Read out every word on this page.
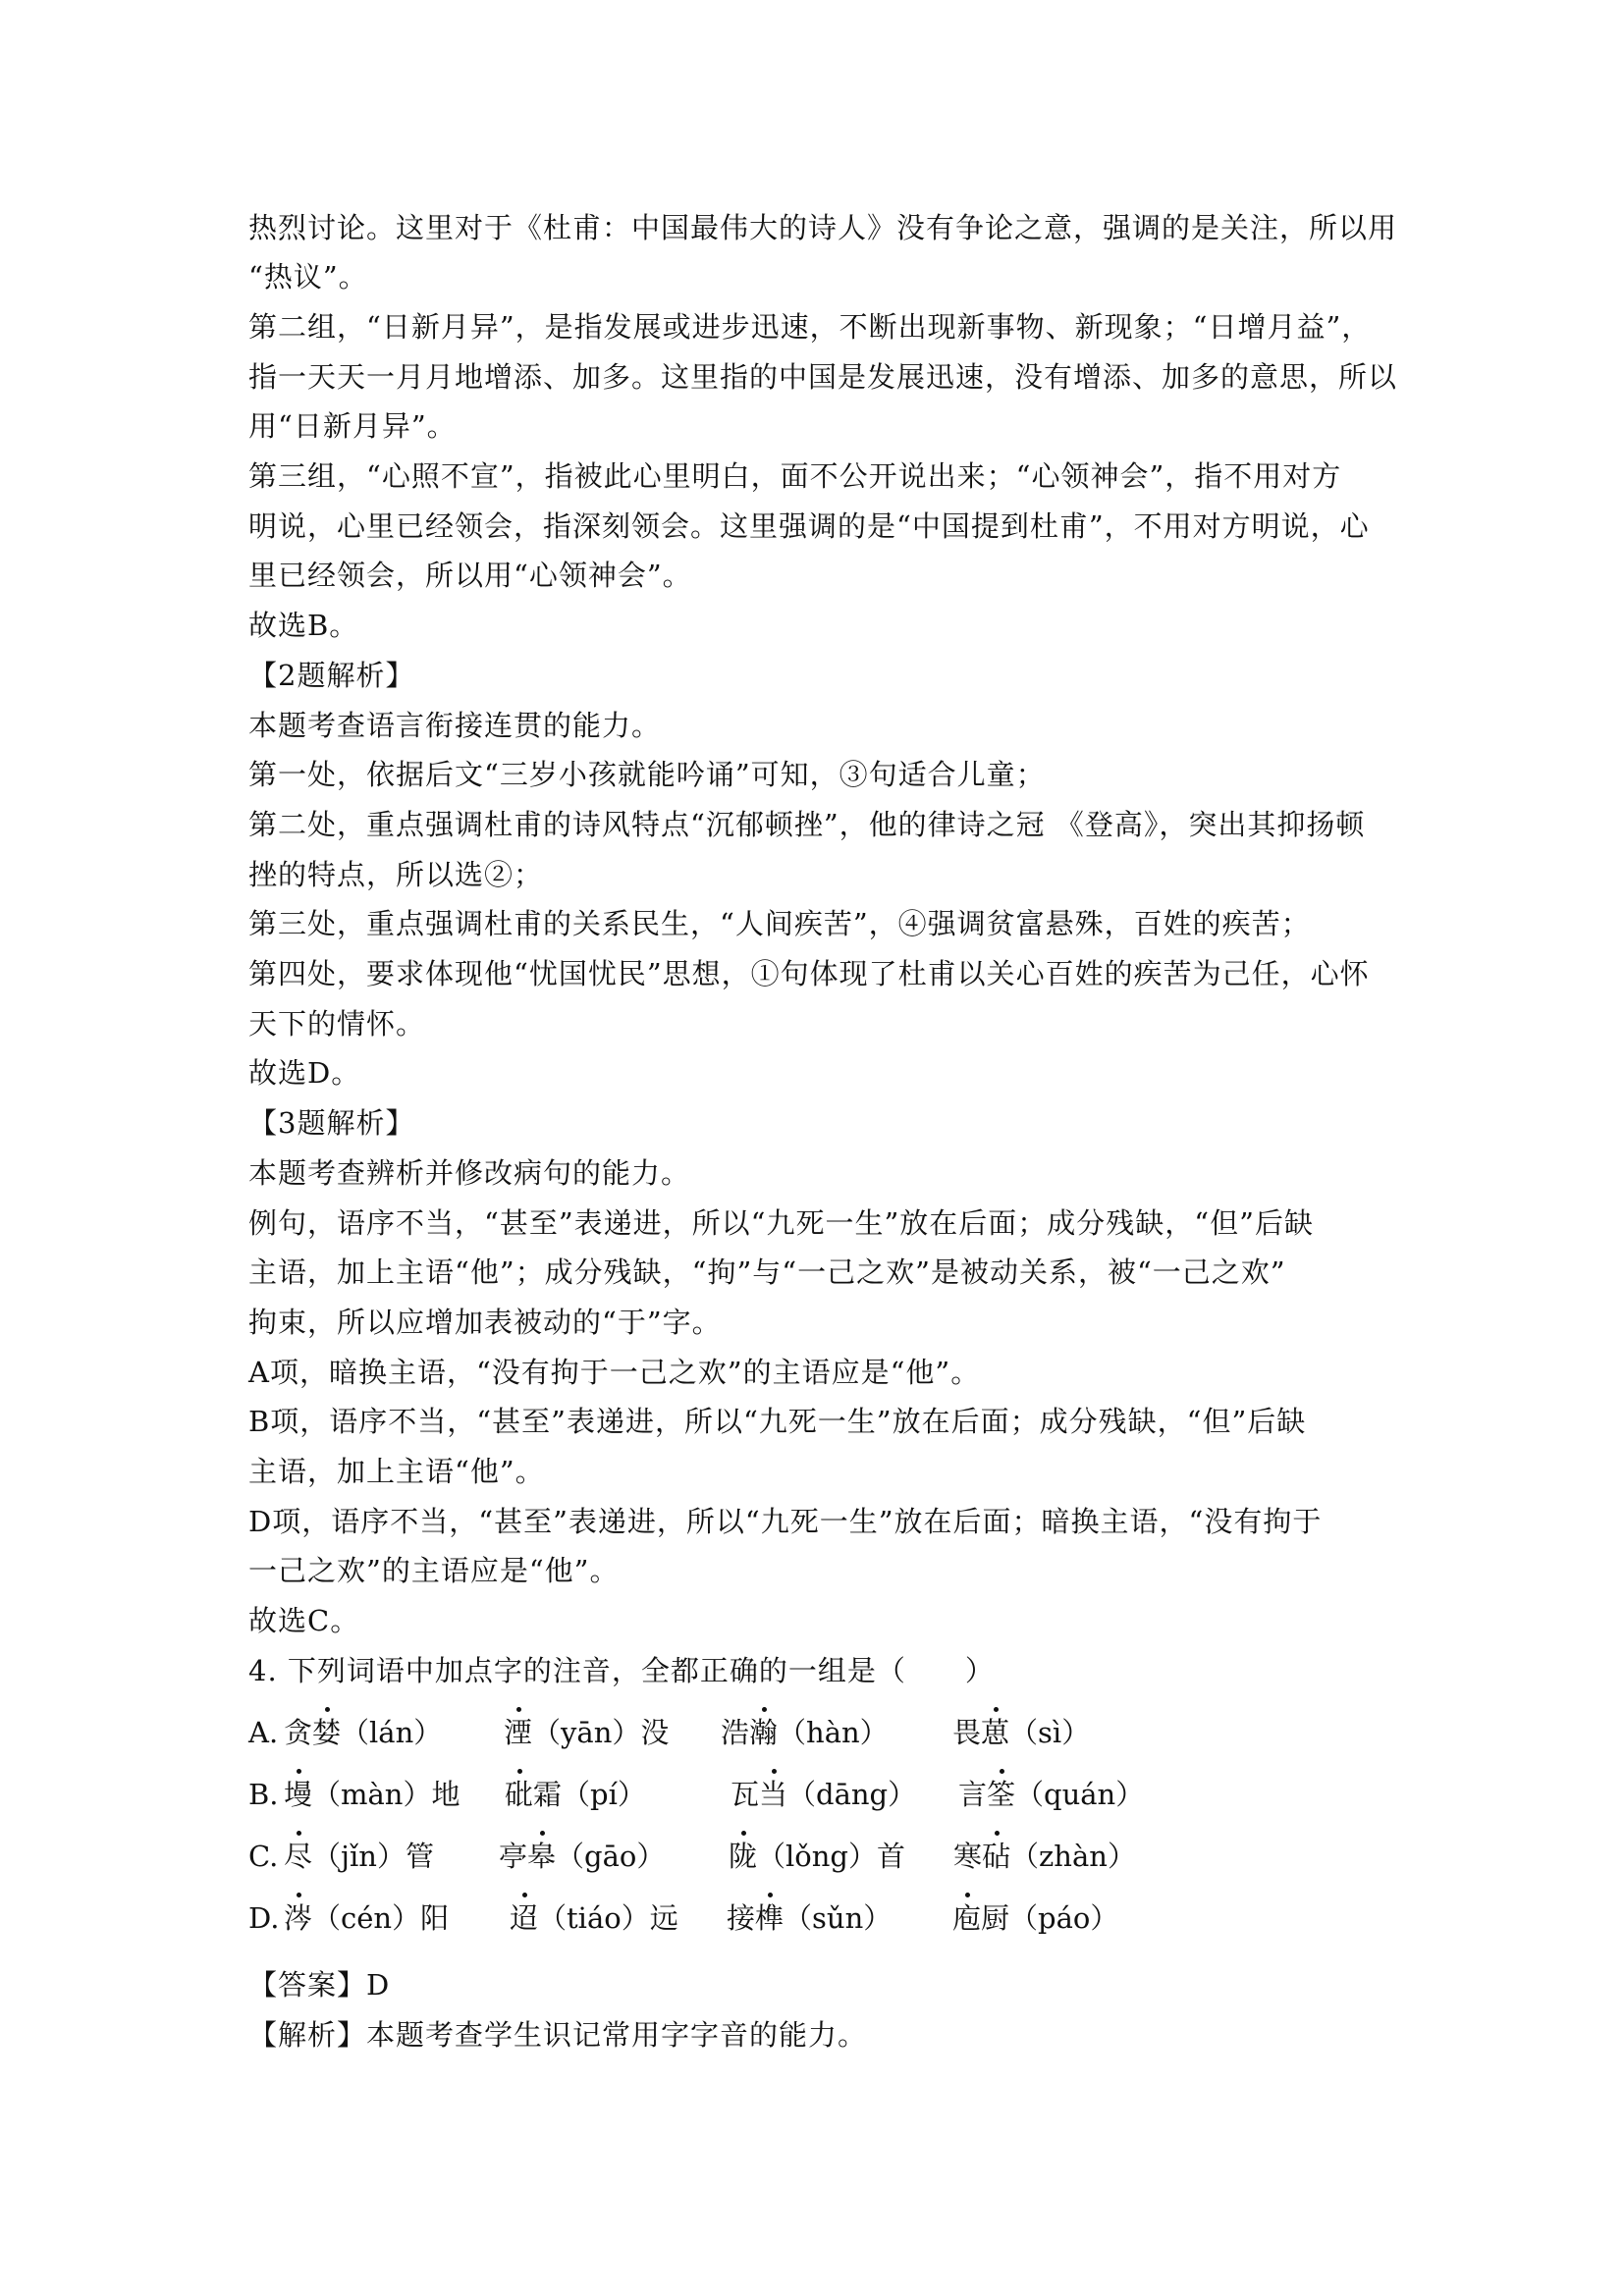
热烈讨论。这里对于《杜甫：中国最伟大的诗人》没有争论之意，强调的是关注，所以用
“热议”。
第二组，“日新月异”，是指发展或进步迅速，不断出现新事物、新现象；“日增月益”，
指一天天一月月地增添、加多。这里指的中国是发展迅速，没有增添、加多的意思，所以
用“日新月异”。
第三组，“心照不宣”，指被此心里明白，面不公开说出来；“心领神会”，指不用对方
明说，心里已经领会，指深刻领会。这里强调的是“中国提到杜甫”，不用对方明说，心
里已经领会，所以用“心领神会”。
故选B。
【2题解析】
本题考查语言衔接连贯的能力。
第一处，依据后文“三岁小孩就能吟诵”可知，③句适合儿童；
第二处，重点强调杜甫的诗风特点“沉郁顿挫”，他的律诗之冠 《登高》，突出其抑扬顿
挫的特点，所以选②；
第三处，重点强调杜甫的关系民生，“人间疾苦”，④强调贫富悬殊，百姓的疾苦；
第四处，要求体现他“忧国忧民”思想，①句体现了杜甫以关心百姓的疾苦为己任，心怀
天下的情怀。
故选D。
【3题解析】
本题考查辨析并修改病句的能力。
例句，语序不当，“甚至”表递进，所以“九死一生”放在后面；成分残缺，“但”后缺
主语，加上主语“他”；成分残缺，“拘”与“一己之欢”是被动关系，被“一己之欢”
拘束，所以应增加表被动的“于”字。
A项，暗换主语，“没有拘于一己之欢”的主语应是“他”。
B项，语序不当，“甚至”表递进，所以“九死一生”放在后面；成分残缺，“但”后缺
主语，加上主语“他”。
D项，语序不当，“甚至”表递进，所以“九死一生”放在后面；暗换主语，“没有拘于
一己之欢”的主语应是“他”。
故选C。
4. 下列词语中加点字的注音，全都正确的一组是（　　）
A. 贪婪（lán） 湮（yān）没 浩瀚（hàn） 畏葸（sì）
B. 墁（màn）地 砒霜（pí）	瓦当（dāng） 言筌（quán）
C. 尽（jǐn）管 亭皋（gāo） 陇（lǒng）首 寒砧（zhàn）
D. 涔（cén）阳 迢（tiáo）远 接榫（sǔn） 庖厨（páo）
【答案】D
【解析】本题考查学生识记常用字字音的能力。
